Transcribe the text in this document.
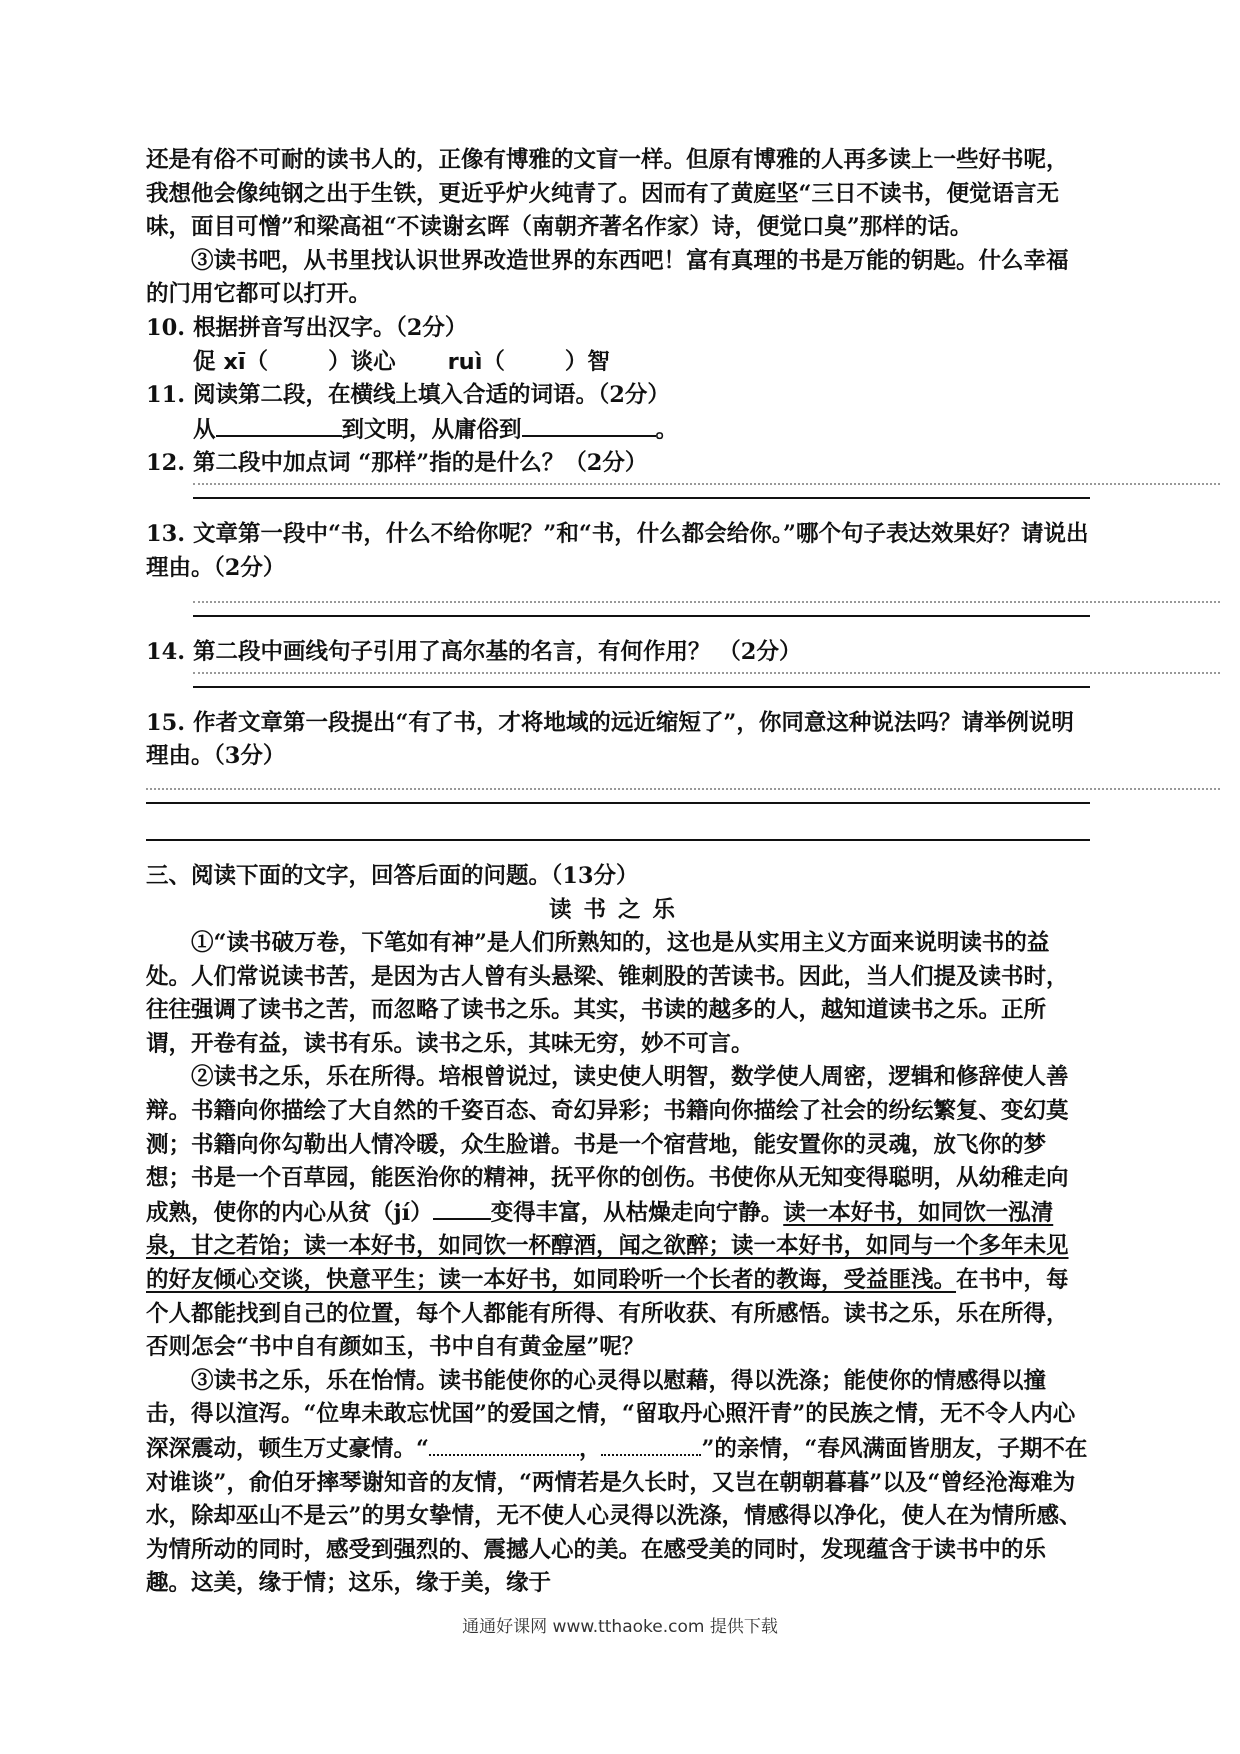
还是有俗不可耐的读书人的，正像有博雅的文盲一样。但原有博雅的人再多读上一些好书呢，我想他会像纯钢之出于生铁，更近乎炉火纯青了。因而有了黄庭坚“三日不读书，便觉语言无味，面目可憎”和梁高祖“不读谢玄晖（南朝齐著名作家）诗，便觉口臭”那样的话。

③读书吧，从书里找认识世界改造世界的东西吧！富有真理的书是万能的钥匙。什么幸福的门用它都可以打开。

10. 根据拼音写出汉字。（2分）

促 xī（	）谈心 ruì（	）智

11. 阅读第二段，在横线上填入合适的词语。（2分）

从	到文明，从庸俗到	。

12. 第二段中加点词 “那样”指的是什么？（2分）

13. 文章第一段中“书，什么不给你呢？”和“书，什么都会给你。”哪个句子表达效果好？请说出理由。（2分）

14. 第二段中画线句子引用了高尔基的名言，有何作用？ （2分）

15. 作者文章第一段提出“有了书，才将地域的远近缩短了”，你同意这种说法吗？请举例说明理由。（3分）

三、阅读下面的文字，回答后面的问题。（13分）

读书之乐

①“读书破万卷，下笔如有神”是人们所熟知的，这也是从实用主义方面来说明读书的益处。人们常说读书苦，是因为古人曾有头悬梁、锥刺股的苦读书。因此，当人们提及读书时，往往强调了读书之苦，而忽略了读书之乐。其实，书读的越多的人，越知道读书之乐。正所谓，开卷有益，读书有乐。读书之乐，其味无穷，妙不可言。

②读书之乐，乐在所得。培根曾说过，读史使人明智，数学使人周密，逻辑和修辞使人善辩。书籍向你描绘了大自然的千姿百态、奇幻异彩；书籍向你描绘了社会的纷纭繁复、变幻莫测；书籍向你勾勒出人情冷暖，众生脸谱。书是一个宿营地，能安置你的灵魂，放飞你的梦想；书是一个百草园，能医治你的精神，抚平你的创伤。书使你从无知变得聪明，从幼稚走向成熟，使你的内心从贫（jí）	变得丰富，从枯燥走向宁静。读一本好书，如同饮一泓清泉，甘之若饴；读一本好书，如同饮一杯醇酒，闻之欲醉；读一本好书，如同与一个多年未见的好友倾心交谈，快意平生；读一本好书，如同聆听一个长者的教诲，受益匪浅。在书中，每个人都能找到自己的位置，每个人都能有所得、有所收获、有所感悟。读书之乐，乐在所得，否则怎会“书中自有颜如玉，书中自有黄金屋”呢？

③读书之乐，乐在怡情。读书能使你的心灵得以慰藉，得以洗涤；能使你的情感得以撞击，得以渲泻。“位卑未敢忘忧国”的爱国之情，“留取丹心照汗青”的民族之情，无不令人内心深深震动，顿生万丈豪情。“	，	”的亲情，“春风满面皆朋友，子期不在对谁谈”，俞伯牙摔琴谢知音的友情，“两情若是久长时，又岂在朝朝暮暮”以及“曾经沧海难为水，除却巫山不是云”的男女挚情，无不使人心灵得以洗涤，情感得以净化，使人在为情所感、为情所动的同时，感受到强烈的、震撼人心的美。在感受美的同时，发现蕴含于读书中的乐趣。这美，缘于情；这乐，缘于美，缘于

通通好课网 www.tthaoke.com 提供下载
